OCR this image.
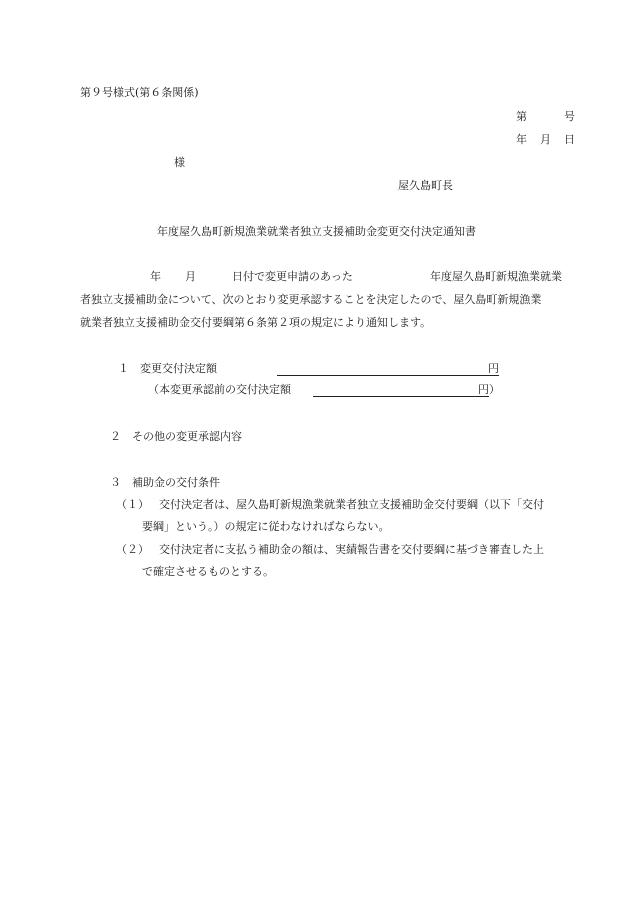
第９号様式(第６条関係)
第	号
年 月 日
様
屋久島町長
年度屋久島町新規漁業就業者独立支援補助金変更交付決定通知書
年 月	日付で変更申請のあった	年度屋久島町新規漁業就業
者独立支援補助金について、次のとおり変更承認することを決定したので、屋久島町新規漁業
就業者独立支援補助金交付要綱第６条第２項の規定により通知します。
１　変更交付決定額	円
（本変更承認前の交付決定額	円）
２　その他の変更承認内容
３　補助金の交付条件
（１） 交付決定者は、屋久島町新規漁業就業者独立支援補助金交付要綱（以下「交付
要綱」という。）の規定に従わなければならない。
（２） 交付決定者に支払う補助金の額は、実績報告書を交付要綱に基づき審査した上
で確定させるものとする。
